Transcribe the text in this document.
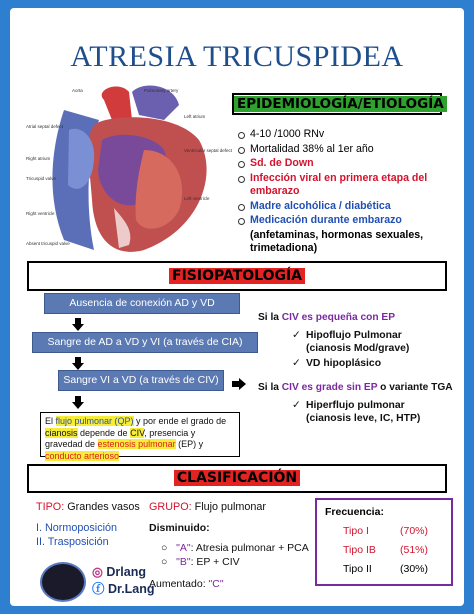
ATRESIA TRICUSPIDEA
Aorta	Pulmonary artery
Atrial septal defect
Right atrium
Tricuspid valve
Right ventricle
Left atrium
Ventricular septal defect
Left ventricle
Absent tricuspid valve
EPIDEMIOLOGÍA/ETIOLOGÍA
4-10 /1000 RNv
Mortalidad 38% al 1er año
Sd. de Down
Infección viral en primera etapa del embarazo
Madre alcohólica / diabética
Medicación durante embarazo
(anfetaminas, hormonas sexuales, trimetadiona)
FISIOPATOLOGÍA
Ausencia de conexión AD y VD
Sangre de AD a VD y VI (a través de CIA)
Sangre VI a VD (a través de CIV)
El flujo pulmonar (QP) y por ende el grado de cianosis depende de CIV, presencia y gravedad de estenosis pulmonar (EP) y conducto arterioso
Si la CIV es pequeña con EP
✓ Hipoflujo Pulmonar (cianosis Mod/grave)
✓ VD hipoplásico
Si la CIV es grade sin EP o variante TGA
✓ Hiperflujo pulmonar (cianosis leve, IC, HTP)
CLASIFICACIÓN
TIPO: Grandes vasos
I. Normoposición
II. Trasposición
GRUPO: Flujo pulmonar
Disminuido:
○   "A": Atresia pulmonar + PCA
○   "B": EP + CIV
Aumentado: "C"
Frecuencia:
Tipo I	(70%)
Tipo IB (51%)
Tipo II	(30%)
◎ Drlang
ⓕ Dr.Lang
